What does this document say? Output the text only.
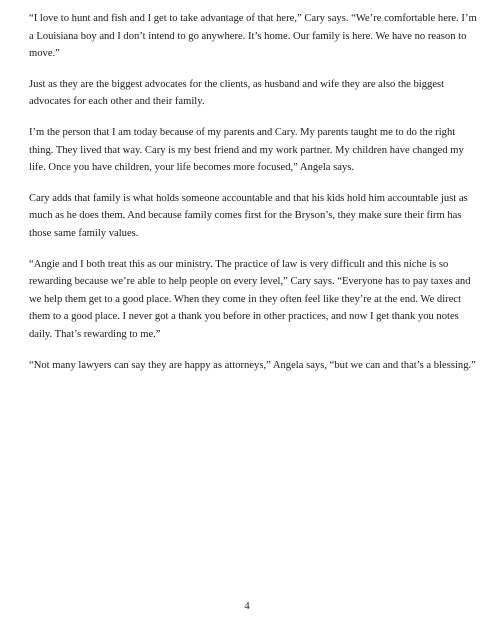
“I love to hunt and fish and I get to take advantage of that here,” Cary says. “We’re comfortable here. I’m a Louisiana boy and I don’t intend to go anywhere. It’s home. Our family is here. We have no reason to move.”

Just as they are the biggest advocates for the clients, as husband and wife they are also the biggest advocates for each other and their family.

I’m the person that I am today because of my parents and Cary. My parents taught me to do the right thing. They lived that way. Cary is my best friend and my work partner. My children have changed my life. Once you have children, your life becomes more focused,” Angela says.

Cary adds that family is what holds someone accountable and that his kids hold him accountable just as much as he does them. And because family comes first for the Bryson’s, they make sure their firm has those same family values.

“Angie and I both treat this as our ministry. The practice of law is very difficult and this niche is so rewarding because we’re able to help people on every level,” Cary says. “Everyone has to pay taxes and we help them get to a good place. When they come in they often feel like they’re at the end. We direct them to a good place. I never got a thank you before in other practices, and now I get thank you notes daily. That’s rewarding to me.”

“Not many lawyers can say they are happy as attorneys,” Angela says, “but we can and that’s a blessing.”

4
